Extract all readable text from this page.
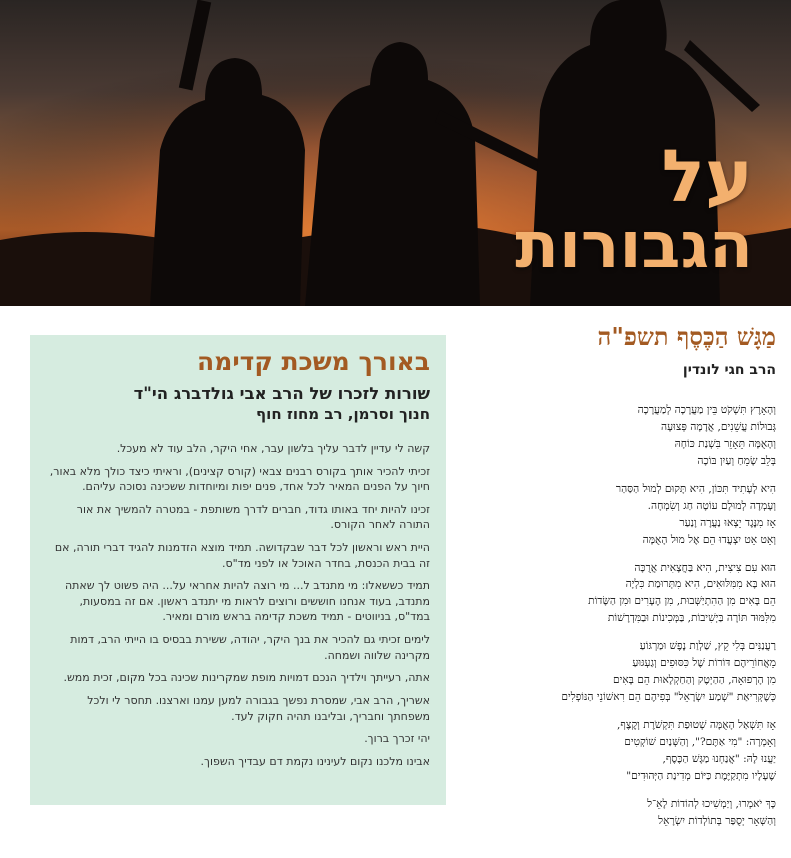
על
הגבורות
באורך משכת קדימה
שורות לזכרו של הרב אבי גולדברג הי"ד
חנוך וסרמן, רב מחוז חוף

קשה לי עדיין לדבר עליך בלשון עבר, אחי היקר, הלב עוד לא מעכל.

זכיתי להכיר אותך בקורס רבנים צבאי (קורס קצינים), וראיתי כיצד כולך מלא באור, חיוך על הפנים המאיר לכל אחד, פנים יפות ומיוחדות ששכינה נסוכה עליהם.

זכינו להיות יחד באותו גדוד, חברים לדרך משותפת - במטרה להמשיך את אור התורה לאחר הקורס.

היית ראש וראשון לכל דבר שבקדושה. תמיד מוצא הזדמנות להגיד דברי תורה, אם זה בבית הכנסת, בחדר האוכל או לפני מד"ס.

תמיד כששאלו: מי מתנדב ל... מי רוצה להיות אחראי על... היה פשוט לך שאתה מתנדב, בעוד אנחנו חוששים ורוצים לראות מי יתנדב ראשון. אם זה במסעות, במד"ס, בניווטים - תמיד משכת קדימה בראש מורם ומאיר.

לימים זכיתי גם להכיר את בנך היקר, יהודה, ששירת בבסיס בו הייתי הרב, דמות מקרינה שלווה ושמחה.

אתה, רעייתך וילדיך הנכם דמויות מופת שמקרינות שכינה בכל מקום, זכית ממש.

אשריך, הרב אבי, שמסרת נפשך בגבורה למען עמנו וארצנו. תחסר לי ולכל משפחתך וחבריך, ובליבנו תהיה חקוק לעד.

יהי זכרך ברוך.

אבינו מלכנו נקום לעינינו נקמת דם עבדיך השפוך.

מַגָּשׁ הַכֶּסֶף תשפ"ה
הרב חגי לונדין
וְהָאָרֶץ תִּשְׁקֹט בֵּין מַעֲרָכָה לְמַעֲרָכָה
גְּבוּלוֹת עֲשֵׁנִים, אֲדָמָה פְּצוּעָה
וְהָאֻמָּה תֵּאָזֵר בִּשְׁנַת כּוֹחָהּ
בְּלֵב שָׂמֵחַ וְעַיִן בּוֹכָה
הִיא לְעָתִיד תִּכּוֹן, הִיא תָּקוּם לְמוּל הַסַּהַר
וְעָמְדָה לְמוּלָם עוֹטָה חַג וְשִׂמְחָה.
אָז מִנֶּגֶד יֵצְאוּ נַעֲרָה וָנַעַר
וְאֵט אֵט יִצְעֲדוּ הֵם אֶל מוּל הָאֻמָּה
הוּא עִם צִיצִית, הִיא בַּחֲצָאִית אֲרֻכָּה
הוּא בָּא מִמִּלּוּאִים, הִיא מִתְּרוּמַת כִּלְיָה
הֵם בָּאִים מִן הַהִתְיַשְּׁבוּת, מִן הֶעָרִים וּמִן הַשָּׂדוֹת
מִלִּמּוּד תּוֹרָה בַּיְשִׁיבוֹת, בַּמְּכִינוֹת וּבַמִּדְרָשׁוֹת
רַעֲנַנִּים בְּלִי קֵץ, שַׁלְוַת נֶפֶשׁ וּמַרְגּוֹעַ
מֵאֲחוֹרֵיהֶם דּוֹרוֹת שֶׁל כִּסּוּפִים וְגַעְגּוּעַ
מִן הָרְפוּאָה, הַהַיְטֶק וְהַחַקְלָאוּת הֵם בָּאִים
כְּשֶׁקְּרִיאַת "שְׁמַע יִשְׂרָאֵל" בְּפִיהֶם הֵם רִאשׁוֹנֵי הַנּוֹפְלִים
אָז תִּשְׁאַל הָאֻמָּה שְׁטוּפַת תִּקְשֹׁרֶת וְקֶצֶף,
וְאָמְרָה: "מִי אַתֶּם?", וְהַשְּׁנַיִם שׁוֹקְטִים
יַעֲנוּ לָהּ: "אֲנַחְנוּ מַגָּשׁ הַכֶּסֶף,
שֶׁעָלָיו מִתְקַיֶּמֶת כַּיּוֹם מְדִינַת הַיְּהוּדִים"
כָּךְ יֹאמְרוּ, וְיַמְשִׁיכוּ לְהוֹדוֹת לָאֵ־ל
וְהַשְּׁאָר יְסֻפַּר בְּתוֹלְדוֹת יִשְׂרָאֵל
